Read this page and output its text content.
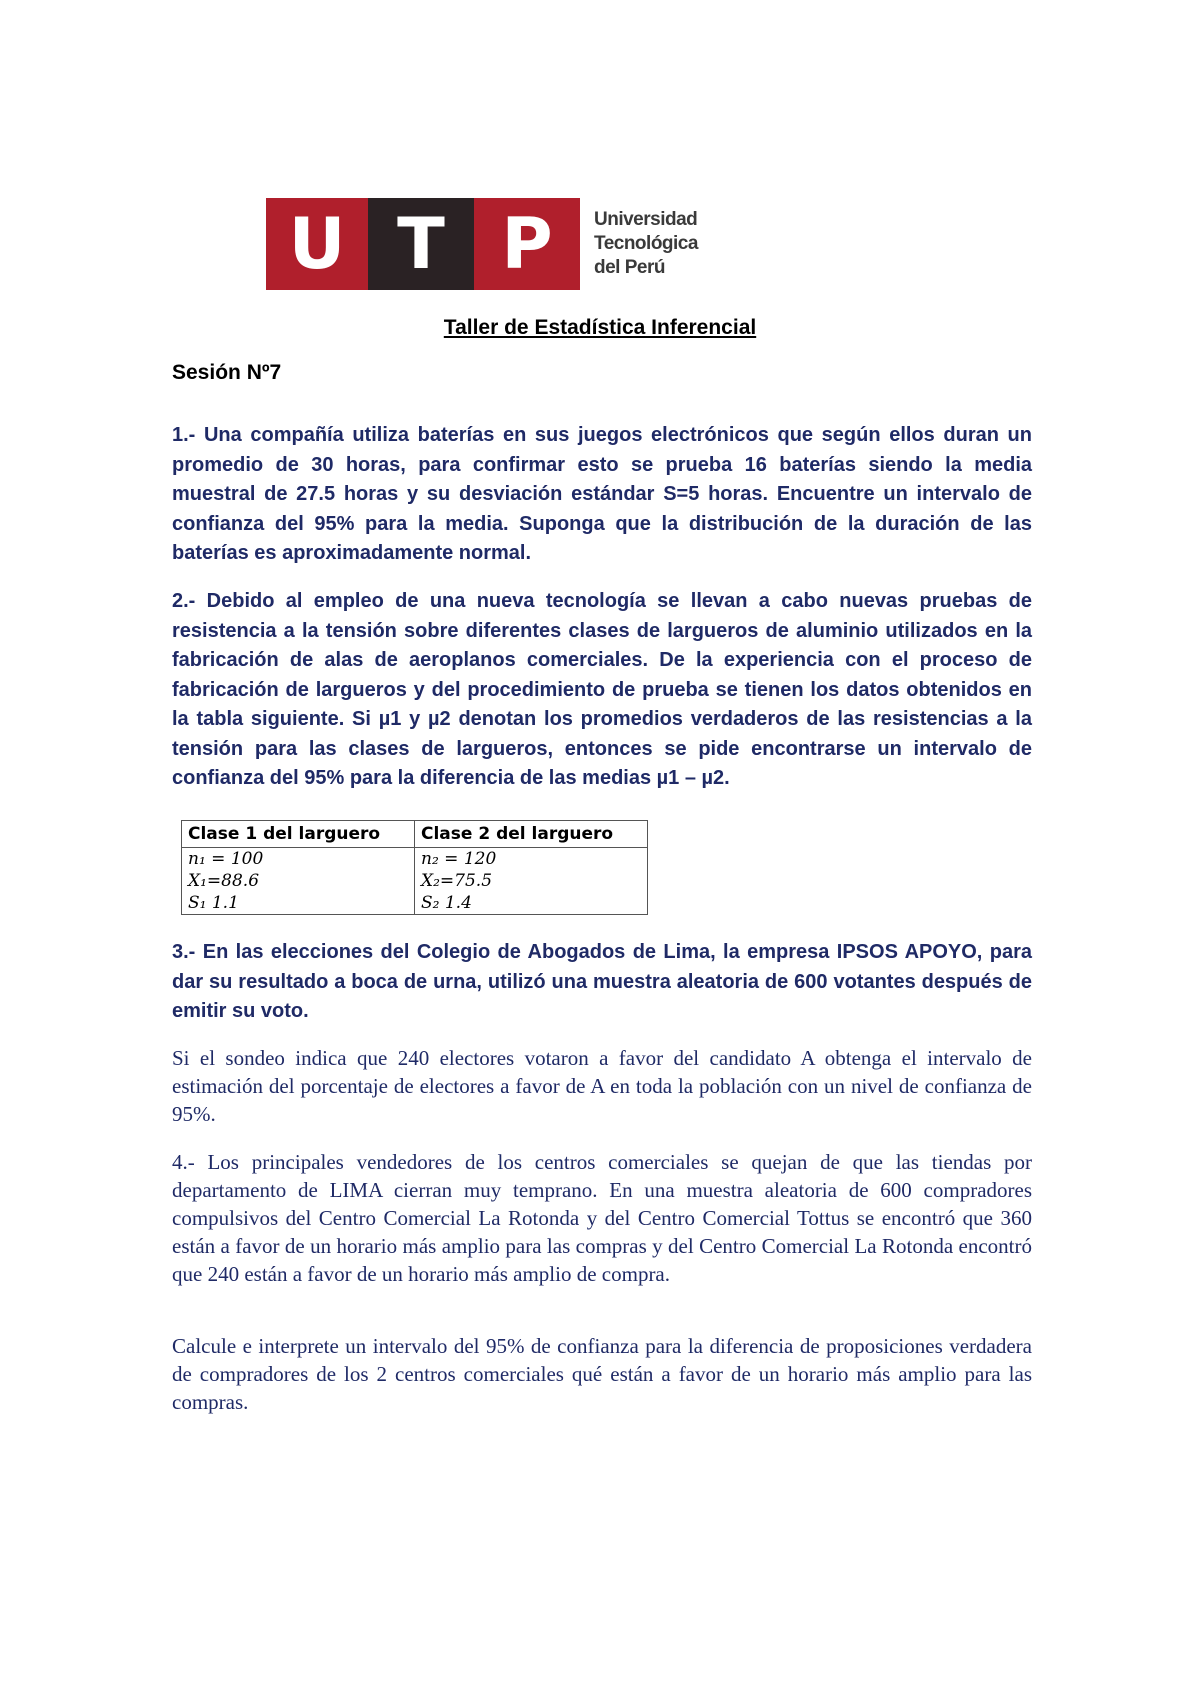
U T P	Universidad
Tecnológica
del Perú
Taller de Estadística Inferencial
Sesión Nº7

1.- Una compañía utiliza baterías en sus juegos electrónicos que según ellos duran un promedio de 30 horas, para confirmar esto se prueba 16 baterías siendo la media muestral de 27.5 horas y su desviación estándar S=5 horas. Encuentre un intervalo de confianza del 95% para la media. Suponga que la distribución de la duración de las baterías es aproximadamente normal.

2.- Debido al empleo de una nueva tecnología se llevan a cabo nuevas pruebas de resistencia a la tensión sobre diferentes clases de largueros de aluminio utilizados en la fabricación de alas de aeroplanos comerciales. De la experiencia con el proceso de fabricación de largueros y del procedimiento de prueba se tienen los datos obtenidos en la tabla siguiente. Si µ1 y µ2 denotan los promedios verdaderos de las resistencias a la tensión para las clases de largueros, entonces se pide encontrarse un intervalo de confianza del 95% para la diferencia de las medias µ1 – µ2.

Clase 1 del larguero	Clase 2 del larguero
n₁ = 100	n₂ = 120
X₁=88.6	X₂=75.5
S₁ 1.1	S₂ 1.4

3.- En las elecciones del Colegio de Abogados de Lima, la empresa IPSOS APOYO, para dar su resultado a boca de urna, utilizó una muestra aleatoria de 600 votantes después de emitir su voto.

Si el sondeo indica que 240 electores votaron a favor del candidato A obtenga el intervalo de estimación del porcentaje de electores a favor de A en toda la población con un nivel de confianza de 95%.

4.- Los principales vendedores de los centros comerciales se quejan de que las tiendas por departamento de LIMA cierran muy temprano. En una muestra aleatoria de 600 compradores compulsivos del Centro Comercial La Rotonda y del Centro Comercial Tottus se encontró que 360 están a favor de un horario más amplio para las compras y del Centro Comercial La Rotonda encontró que 240 están a favor de un horario más amplio de compra.

Calcule e interprete un intervalo del 95% de confianza para la diferencia de proposiciones verdadera de compradores de los 2 centros comerciales qué están a favor de un horario más amplio para las compras.
